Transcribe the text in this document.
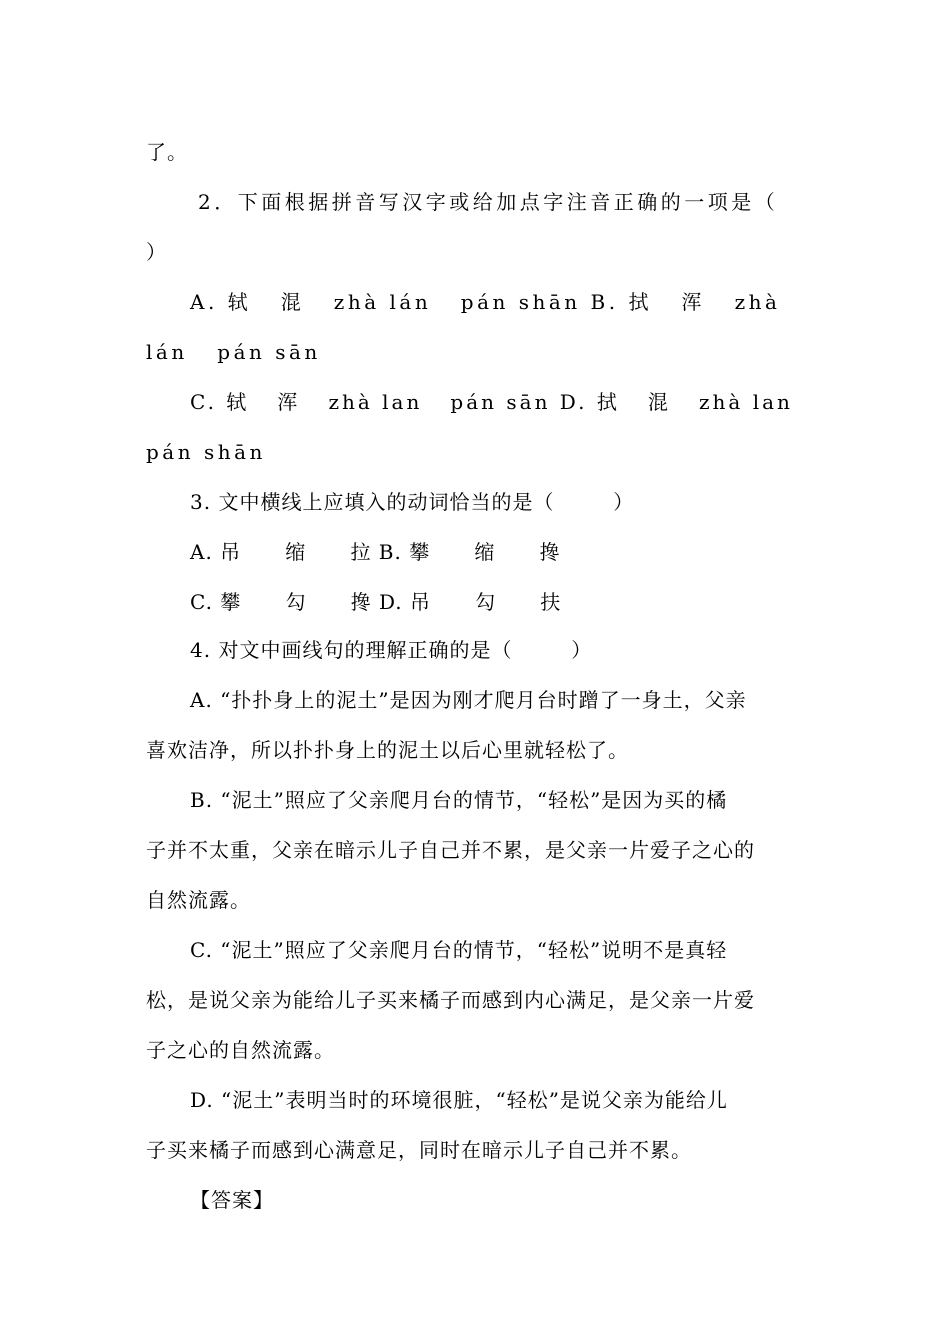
了。
2．下面根据拼音写汉字或给加点字注音正确的一项是（
）
A. 轼   混   zhà lán   pán shān B. 拭   浑   zhà
lán   pán sān
C. 轼   浑   zhà lan   pán sān D. 拭   混   zhà lan
pán shān
3. 文中横线上应填入的动词恰当的是（        ）
A. 吊      缩      拉 B. 攀      缩      搀
C. 攀      勾      搀 D. 吊      勾      扶
4. 对文中画线句的理解正确的是（        ）
A. “扑扑身上的泥土”是因为刚才爬月台时蹭了一身土，父亲
喜欢洁净，所以扑扑身上的泥土以后心里就轻松了。
B. “泥土”照应了父亲爬月台的情节，“轻松”是因为买的橘
子并不太重，父亲在暗示儿子自己并不累，是父亲一片爱子之心的
自然流露。
C. “泥土”照应了父亲爬月台的情节，“轻松”说明不是真轻
松，是说父亲为能给儿子买来橘子而感到内心满足，是父亲一片爱
子之心的自然流露。
D. “泥土”表明当时的环境很脏，“轻松”是说父亲为能给儿
子买来橘子而感到心满意足，同时在暗示儿子自己并不累。
【答案】
